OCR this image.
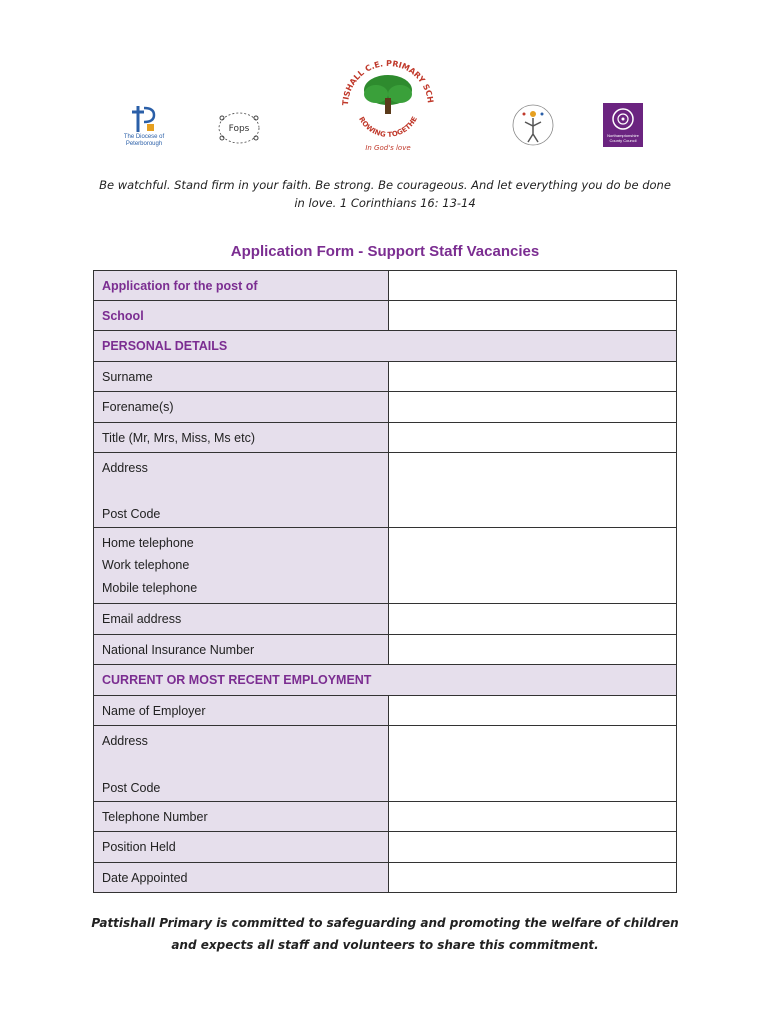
The Diocese of Peterborough
Fops
TISHALL C.E. PRIMARY SCH
ROWING TOGETHE
In God's love
Northamptonshire County Council
Be watchful. Stand firm in your faith. Be strong. Be courageous. And let everything you do be done
in love. 1 Corinthians 16: 13-14
Application Form - Support Staff Vacancies
Application for the post of	
School	
PERSONAL DETAILS	
Surname	
Forename(s)	
Title (Mr, Mrs, Miss, Ms etc)	

Address
Post Code	

Home telephone
Work telephone
Mobile telephone	

Email address	
National Insurance Number	
CURRENT OR MOST RECENT EMPLOYMENT	
Name of Employer	

Address
Post Code	

Telephone Number	
Position Held	
Date Appointed	
Pattishall Primary is committed to safeguarding and promoting the welfare of children
and expects all staff and volunteers to share this commitment.
